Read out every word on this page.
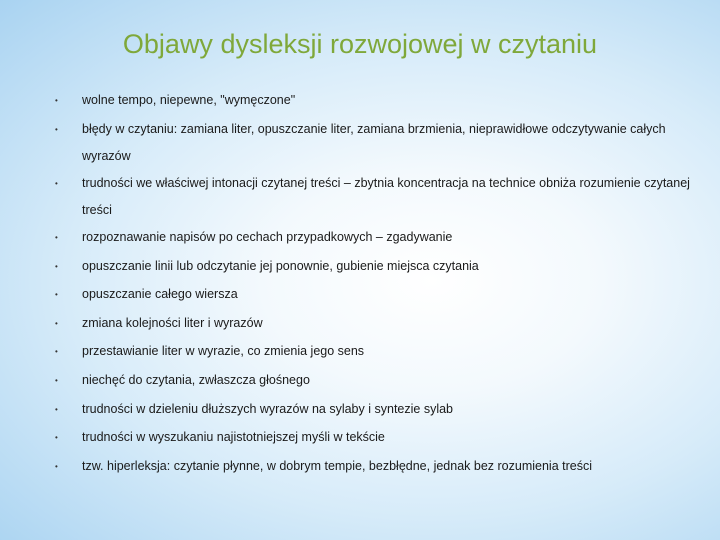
Objawy dysleksji rozwojowej w czytaniu
• wolne tempo, niepewne, "wymęczone"
• błędy w czytaniu: zamiana liter, opuszczanie liter, zamiana brzmienia, nieprawidłowe odczytywanie całych wyrazów
• trudności we właściwej intonacji czytanej treści – zbytnia koncentracja na technice obniża rozumienie czytanej treści
• rozpoznawanie napisów po cechach przypadkowych – zgadywanie
• opuszczanie linii lub odczytanie jej ponownie, gubienie miejsca czytania
• opuszczanie całego wiersza
• zmiana kolejności liter i wyrazów
• przestawianie liter w wyrazie, co zmienia jego sens
• niechęć do czytania, zwłaszcza głośnego
• trudności w dzieleniu dłuższych wyrazów na sylaby i syntezie sylab
• trudności w wyszukaniu najistotniejszej myśli w tekście
• tzw. hiperleksja: czytanie płynne, w dobrym tempie, bezbłędne, jednak bez rozumienia treści
